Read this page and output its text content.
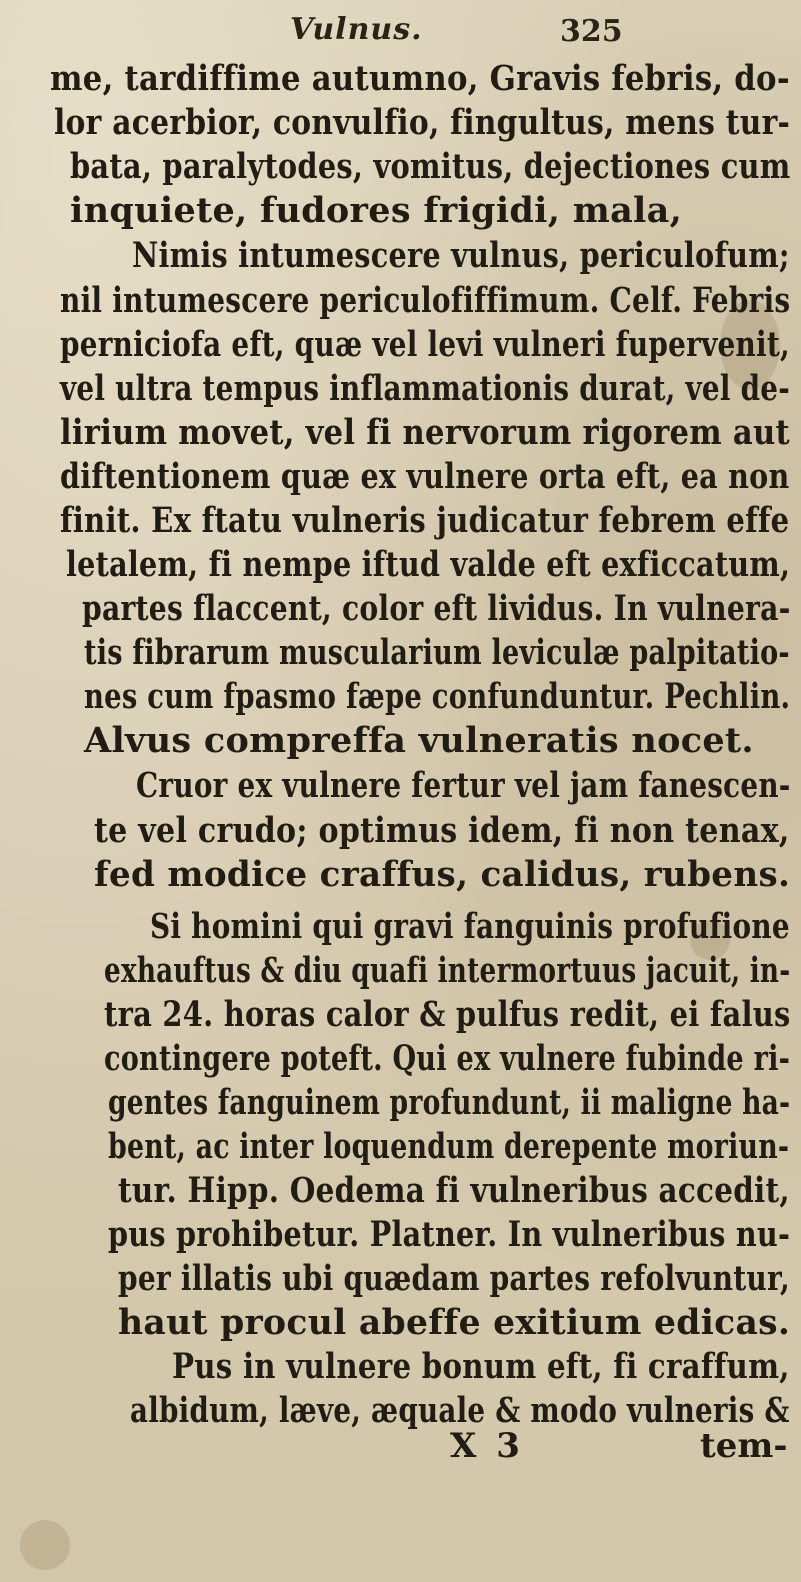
Vulnus.	325
me, tardiffime autumno, Gravis febris, do-
lor acerbior, convulfio, fingultus, mens tur-
bata, paralytodes, vomitus, dejectiones cum
inquiete, fudores frigidi, mala,
Nimis intumescere vulnus, periculofum;
nil intumescere periculofiffimum. Celf. Febris
perniciofa eft, quæ vel levi vulneri fupervenit,
vel ultra tempus inflammationis durat, vel de-
lirium movet, vel fi nervorum rigorem aut
diftentionem quæ ex vulnere orta eft, ea non
finit. Ex ftatu vulneris judicatur febrem effe
letalem, fi nempe iftud valde eft exficcatum,
partes flaccent, color eft lividus. In vulnera-
tis fibrarum muscularium leviculæ palpitatio-
nes cum fpasmo fæpe confunduntur. Pechlin.
Alvus compreffa vulneratis nocet.
Cruor ex vulnere fertur vel jam fanescen-
te vel crudo; optimus idem, fi non tenax,
fed modice craffus, calidus, rubens.
Si homini qui gravi fanguinis profufione
exhauftus & diu quafi intermortuus jacuit, in-
tra 24. horas calor & pulfus redit, ei falus
contingere poteft. Qui ex vulnere fubinde ri-
gentes fanguinem profundunt, ii maligne ha-
bent, ac inter loquendum derepente moriun-
tur. Hipp. Oedema fi vulneribus accedit,
pus prohibetur. Platner. In vulneribus nu-
per illatis ubi quædam partes refolvuntur,
haut procul abeffe exitium edicas.
Pus in vulnere bonum eft, fi craffum,
albidum, læve, æquale & modo vulneris &
X 3	tem-
